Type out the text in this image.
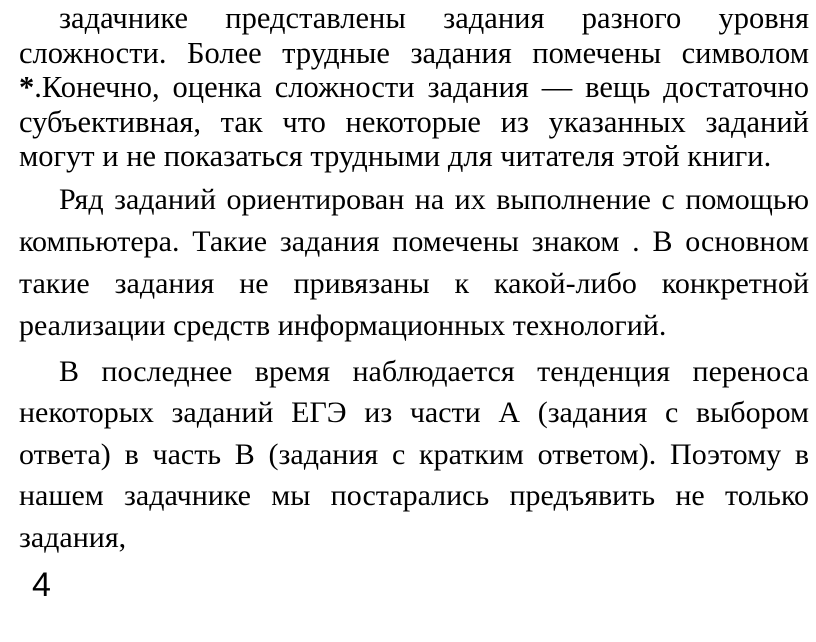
задачнике представлены задания разного уровня сложности. Более трудные задания помечены символом *.Конечно, оценка сложности задания — вещь достаточно субъективная, так что некоторые из указанных заданий могут и не показаться трудными для читателя этой книги.

Ряд заданий ориентирован на их выполнение с помощью компьютера. Такие задания помечены знаком . В основном такие задания не привязаны к какой-либо конкретной реализации средств информационных технологий.

В последнее время наблюдается тенденция переноса некоторых заданий ЕГЭ из части А (задания с выбором ответа) в часть В (задания с кратким ответом). Поэтому в нашем задачнике мы постарались предъявить не только задания,

4
